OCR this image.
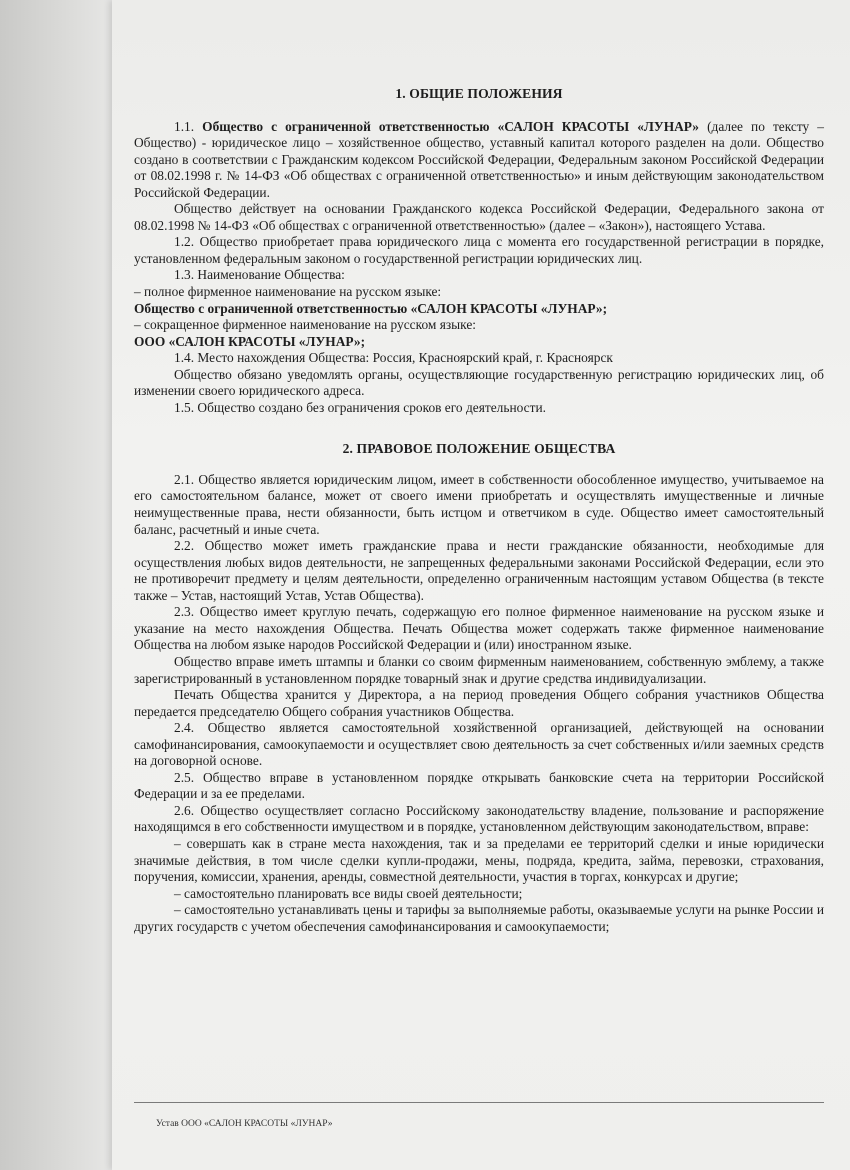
1. ОБЩИЕ ПОЛОЖЕНИЯ

1.1. Общество с ограниченной ответственностью «САЛОН КРАСОТЫ «ЛУНАР» (далее по тексту – Общество) - юридическое лицо – хозяйственное общество, уставный капитал которого разделен на доли. Общество создано в соответствии с Гражданским кодексом Российской Федерации, Федеральным законом Российской Федерации от 08.02.1998 г. № 14-ФЗ «Об обществах с ограниченной ответственностью» и иным действующим законодательством Российской Федерации.

Общество действует на основании Гражданского кодекса Российской Федерации, Федерального закона от 08.02.1998 № 14-ФЗ «Об обществах с ограниченной ответственностью» (далее – «Закон»), настоящего Устава.

1.2. Общество приобретает права юридического лица с момента его государственной регистрации в порядке, установленном федеральным законом о государственной регистрации юридических лиц.

1.3. Наименование Общества:

– полное фирменное наименование на русском языке:

Общество с ограниченной ответственностью «САЛОН КРАСОТЫ «ЛУНАР»;

– сокращенное фирменное наименование на русском языке:

ООО «САЛОН КРАСОТЫ «ЛУНАР»;

1.4. Место нахождения Общества: Россия, Красноярский край, г. Красноярск

Общество обязано уведомлять органы, осуществляющие государственную регистрацию юридических лиц, об изменении своего юридического адреса.

1.5. Общество создано без ограничения сроков его деятельности.

2. ПРАВОВОЕ ПОЛОЖЕНИЕ ОБЩЕСТВА

2.1. Общество является юридическим лицом, имеет в собственности обособленное имущество, учитываемое на его самостоятельном балансе, может от своего имени приобретать и осуществлять имущественные и личные неимущественные права, нести обязанности, быть истцом и ответчиком в суде. Общество имеет самостоятельный баланс, расчетный и иные счета.

2.2. Общество может иметь гражданские права и нести гражданские обязанности, необходимые для осуществления любых видов деятельности, не запрещенных федеральными законами Российской Федерации, если это не противоречит предмету и целям деятельности, определенно ограниченным настоящим уставом Общества (в тексте также – Устав, настоящий Устав, Устав Общества).

2.3. Общество имеет круглую печать, содержащую его полное фирменное наименование на русском языке и указание на место нахождения Общества. Печать Общества может содержать также фирменное наименование Общества на любом языке народов Российской Федерации и (или) иностранном языке.

Общество вправе иметь штампы и бланки со своим фирменным наименованием, собственную эмблему, а также зарегистрированный в установленном порядке товарный знак и другие средства индивидуализации.

Печать Общества хранится у Директора, а на период проведения Общего собрания участников Общества передается председателю Общего собрания участников Общества.

2.4. Общество является самостоятельной хозяйственной организацией, действующей на основании самофинансирования, самоокупаемости и осуществляет свою деятельность за счет собственных и/или заемных средств на договорной основе.

2.5. Общество вправе в установленном порядке открывать банковские счета на территории Российской Федерации и за ее пределами.

2.6. Общество осуществляет согласно Российскому законодательству владение, пользование и распоряжение находящимся в его собственности имуществом и в порядке, установленном действующим законодательством, вправе:

– совершать как в стране места нахождения, так и за пределами ее территорий сделки и иные юридически значимые действия, в том числе сделки купли-продажи, мены, подряда, кредита, займа, перевозки, страхования, поручения, комиссии, хранения, аренды, совместной деятельности, участия в торгах, конкурсах и другие;

– самостоятельно планировать все виды своей деятельности;

– самостоятельно устанавливать цены и тарифы за выполняемые работы, оказываемые услуги на рынке России и других государств с учетом обеспечения самофинансирования и самоокупаемости;

Устав ООО «САЛОН КРАСОТЫ «ЛУНАР»
